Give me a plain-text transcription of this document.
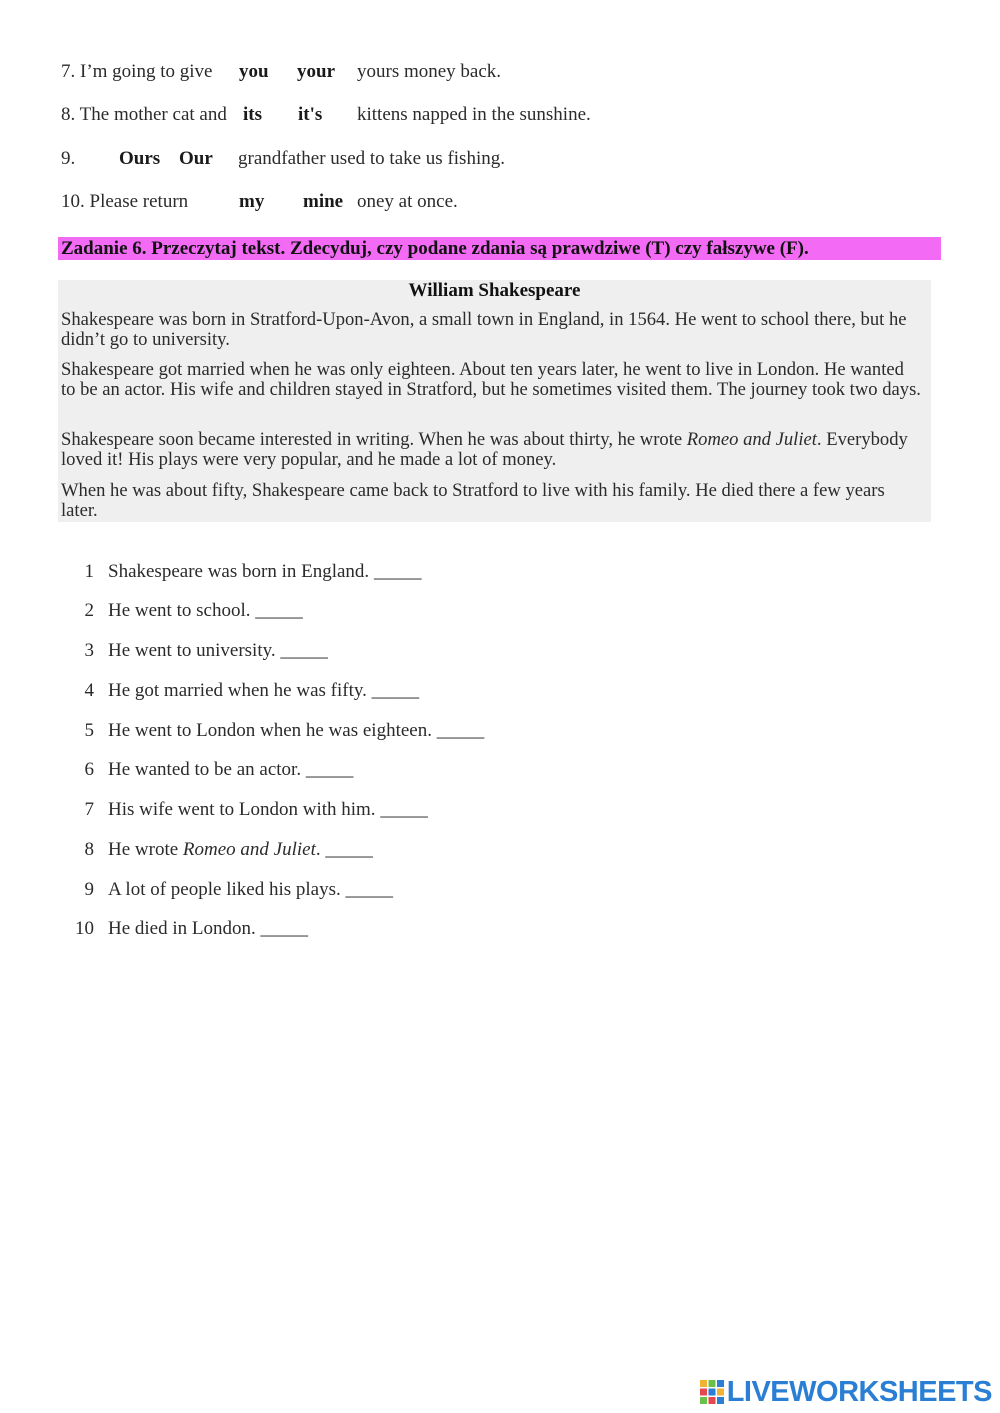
7. I’m going to give you your yours money back.
8. The mother cat and its it's kittens napped in the sunshine.
9. Ours Our grandfather used to take us fishing.
10. Please return	my mine oney at once.
Zadanie 6. Przeczytaj tekst. Zdecyduj, czy podane zdania są prawdziwe (T) czy fałszywe (F).
William Shakespeare

Shakespeare was born in Stratford-Upon-Avon, a small town in England, in 1564. He went to school there, but he didn’t go to university.

Shakespeare got married when he was only eighteen. About ten years later, he went to live in London. He wanted to be an actor. His wife and children stayed in Stratford, but he sometimes visited them. The journey took two days.

Shakespeare soon became interested in writing. When he was about thirty, he wrote Romeo and Juliet. Everybody loved it! His plays were very popular, and he made a lot of money.

When he was about fifty, Shakespeare came back to Stratford to live with his family. He died there a few years later.

1 Shakespeare was born in England. _____
2 He went to school. _____
3 He went to university. _____
4 He got married when he was fifty. _____
5 He went to London when he was eighteen. _____
6 He wanted to be an actor. _____
7 His wife went to London with him. _____
8 He wrote Romeo and Juliet. _____
9 A lot of people liked his plays. _____
10 He died in London. _____
LIVEWORKSHEETS
